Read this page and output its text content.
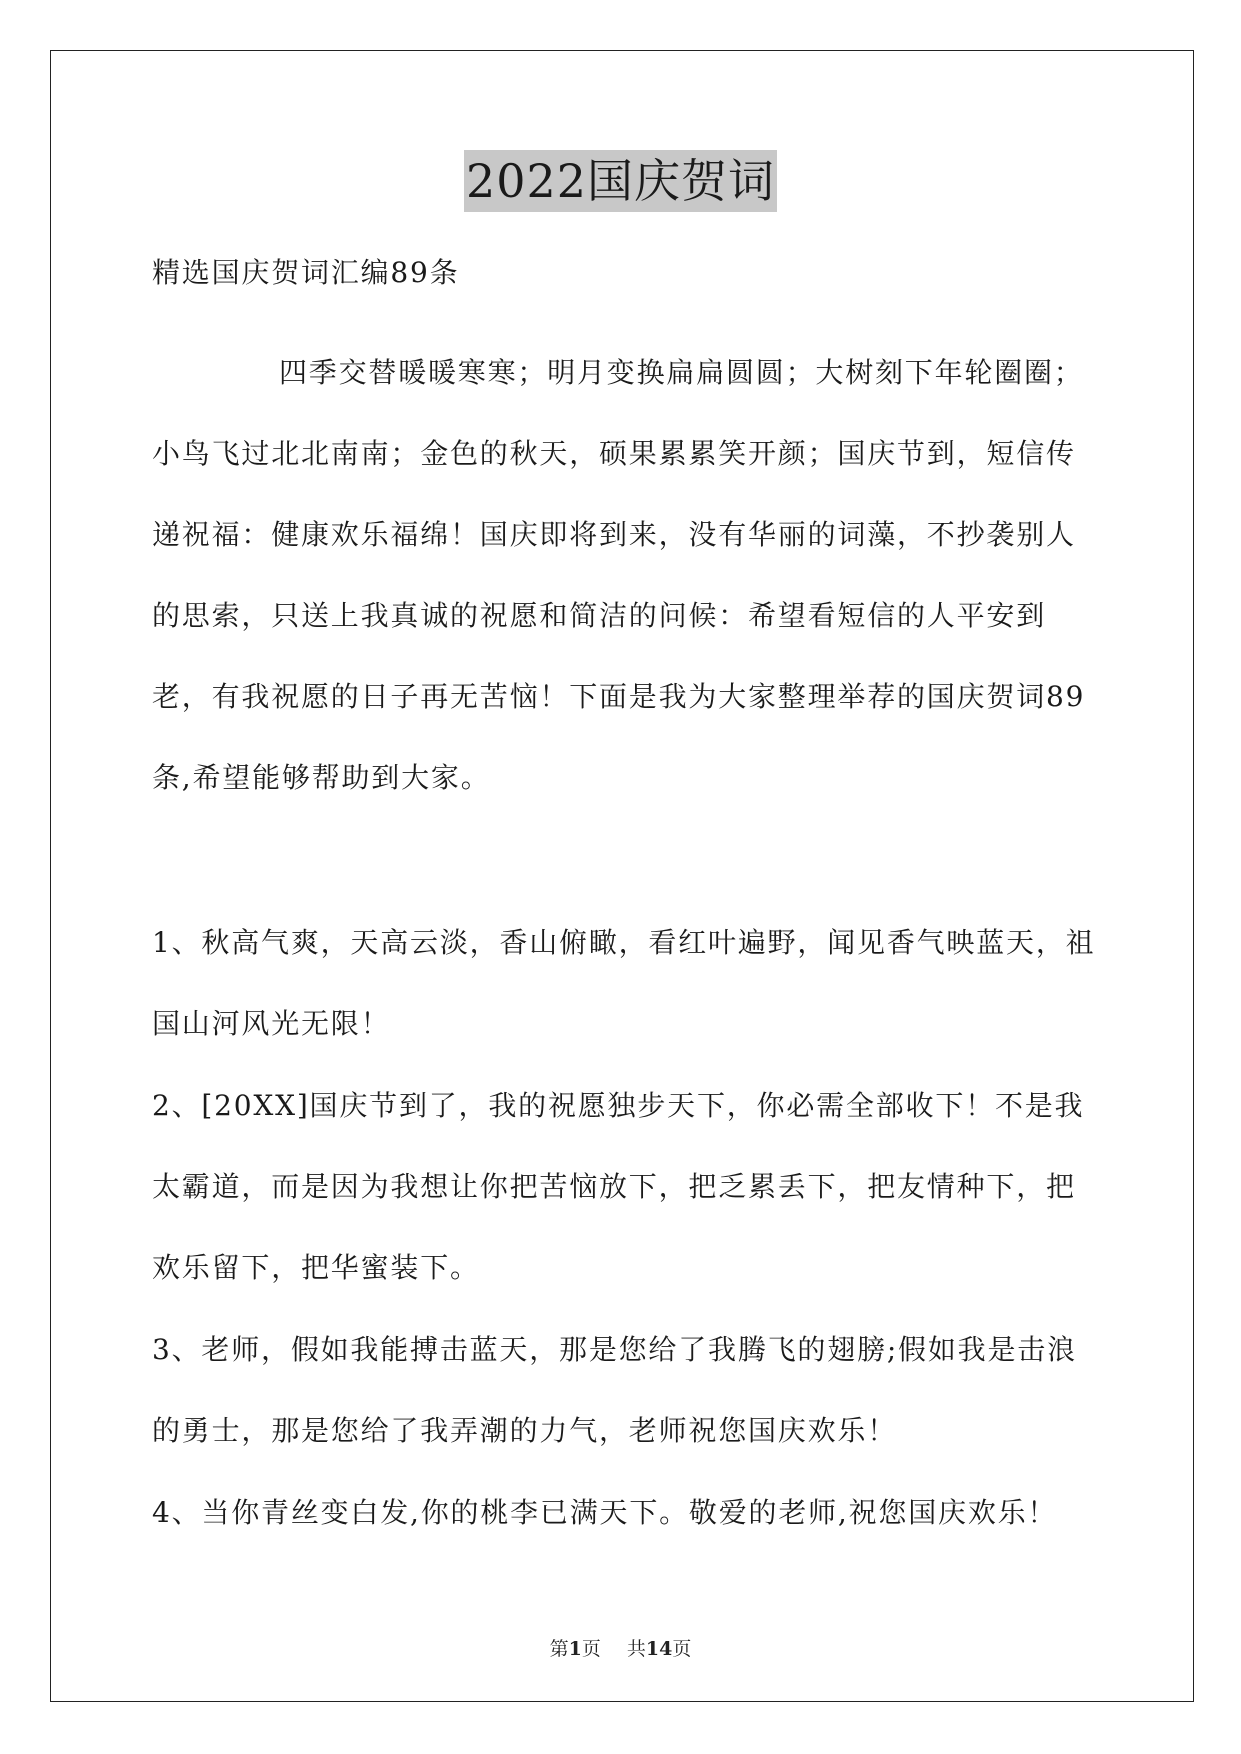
2022国庆贺词

精选国庆贺词汇编89条

四季交替暖暖寒寒；明月变换扁扁圆圆；大树刻下年轮圈圈；小鸟飞过北北南南；金色的秋天，硕果累累笑开颜；国庆节到，短信传递祝福：健康欢乐福绵！国庆即将到来，没有华丽的词藻，不抄袭别人的思索，只送上我真诚的祝愿和简洁的问候：希望看短信的人平安到老，有我祝愿的日子再无苦恼！下面是我为大家整理举荐的国庆贺词89条,希望能够帮助到大家。

1、秋高气爽，天高云淡，香山俯瞰，看红叶遍野，闻见香气映蓝天，祖国山河风光无限！

2、[20XX]国庆节到了，我的祝愿独步天下，你必需全部收下！不是我太霸道，而是因为我想让你把苦恼放下，把乏累丢下，把友情种下，把欢乐留下，把华蜜装下。

3、老师，假如我能搏击蓝天，那是您给了我腾飞的翅膀;假如我是击浪的勇士，那是您给了我弄潮的力气，老师祝您国庆欢乐！

4、当你青丝变白发,你的桃李已满天下。敬爱的老师,祝您国庆欢乐！

第1页 共14页
